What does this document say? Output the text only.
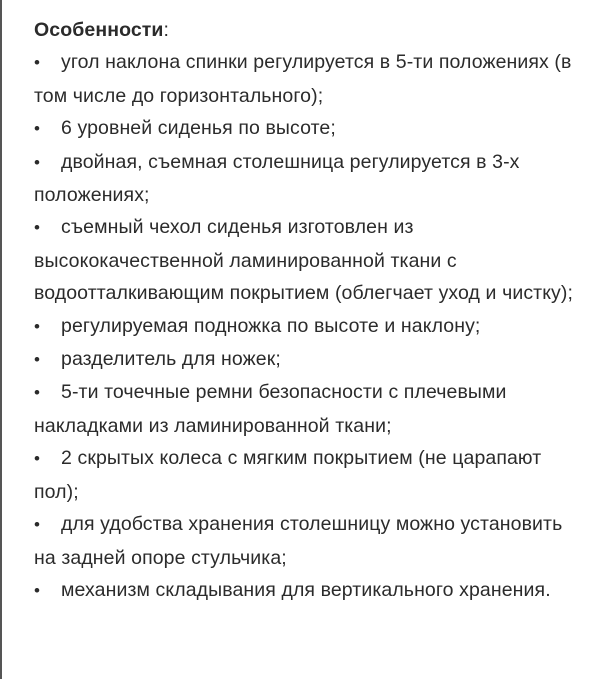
Особенности:
• угол наклона спинки регулируется в 5-ти положениях (в том числе до горизонтального);
• 6 уровней сиденья по высоте;
• двойная, съемная столешница регулируется в 3-х положениях;
• съемный чехол сиденья изготовлен из высококачественной ламинированной ткани с водоотталкивающим покрытием (облегчает уход и чистку);
• регулируемая подножка по высоте и наклону;
• разделитель для ножек;
• 5-ти точечные ремни безопасности с плечевыми накладками из ламинированной ткани;
• 2 скрытых колеса с мягким покрытием (не царапают пол);
• для удобства хранения столешницу можно установить на задней опоре стульчика;
• механизм складывания для вертикального хранения.
